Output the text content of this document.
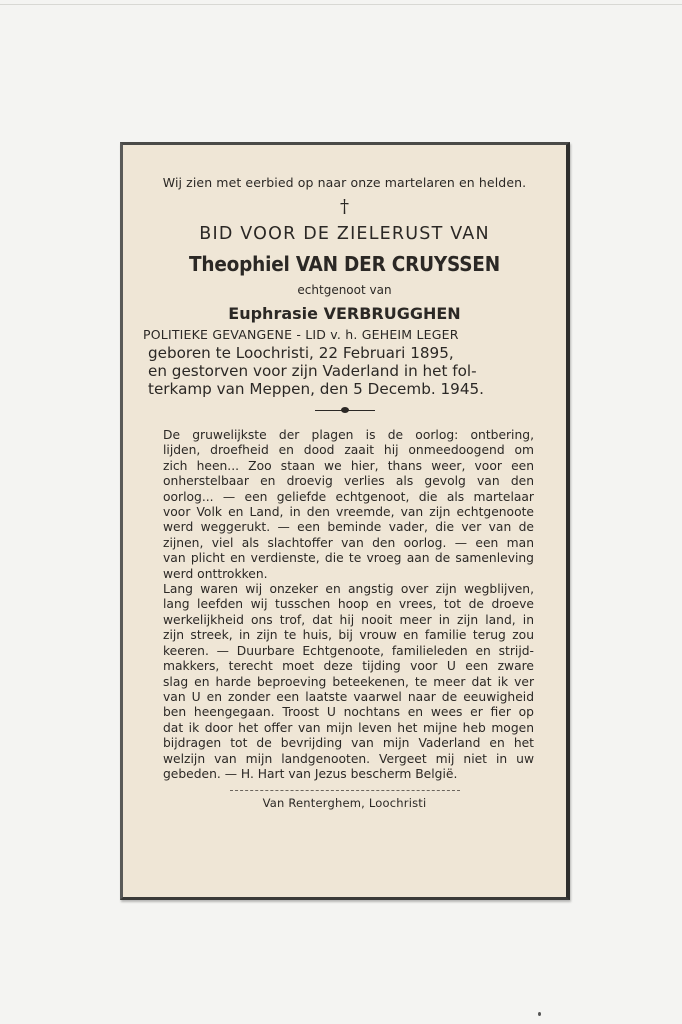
Wij zien met eerbied op naar onze martelaren en helden.
†
BID VOOR DE ZIELERUST VAN
Theophiel VAN DER CRUYSSEN
echtgenoot van
Euphrasie VERBRUGGHEN
POLITIEKE GEVANGENE - LID v. h. GEHEIM LEGER
geboren te Loochristi, 22 Februari 1895,
en gestorven voor zijn Vaderland in het fol-
terkamp van Meppen, den 5 Decemb. 1945.
De gruwelijkste der plagen is de oorlog: ontbering,
lijden, droefheid en dood zaait hij onmeedoogend om
zich heen... Zoo staan we hier, thans weer, voor een
onherstelbaar en droevig verlies als gevolg van den
oorlog... — een geliefde echtgenoot, die als martelaar
voor Volk en Land, in den vreemde, van zijn echtgenoote
werd weggerukt. — een beminde vader, die ver van de
zijnen, viel als slachtoffer van den oorlog. — een man
van plicht en verdienste, die te vroeg aan de samenleving
werd onttrokken.
Lang waren wij onzeker en angstig over zijn wegblijven,
lang leefden wij tusschen hoop en vrees, tot de droeve
werkelijkheid ons trof, dat hij nooit meer in zijn land, in
zijn streek, in zijn te huis, bij vrouw en familie terug zou
keeren. — Duurbare Echtgenoote, familieleden en strijd-
makkers, terecht moet deze tijding voor U een zware
slag en harde beproeving beteekenen, te meer dat ik ver
van U en zonder een laatste vaarwel naar de eeuwigheid
ben heengegaan. Troost U nochtans en wees er fier op
dat ik door het offer van mijn leven het mijne heb mogen
bijdragen tot de bevrijding van mijn Vaderland en het
welzijn van mijn landgenooten. Vergeet mij niet in uw
gebeden. — H. Hart van Jezus bescherm België.
Van Renterghem, Loochristi
